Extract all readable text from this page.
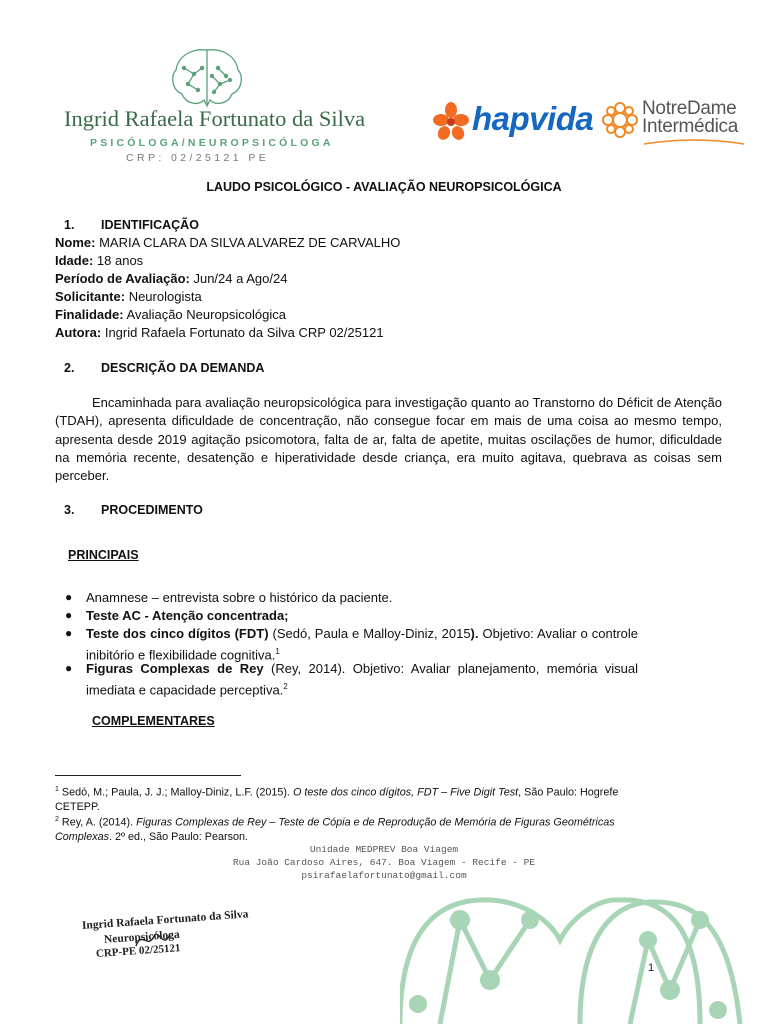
Ingrid Rafaela Fortunato da Silva
PSICÓLOGA/NEUROPSICÓLOGA
CRP: 02/25121 PE
hapvida	NotreDame
Intermédica
LAUDO PSICOLÓGICO - AVALIAÇÃO NEUROPSICOLÓGICA
1. IDENTIFICAÇÃO
Nome: MARIA CLARA DA SILVA ALVAREZ DE CARVALHO
Idade: 18 anos
Período de Avaliação: Jun/24 a Ago/24
Solicitante: Neurologista
Finalidade: Avaliação Neuropsicológica
Autora: Ingrid Rafaela Fortunato da Silva CRP 02/25121
2. DESCRIÇÃO DA DEMANDA
Encaminhada para avaliação neuropsicológica para investigação quanto ao Transtorno do Déficit de Atenção (TDAH), apresenta dificuldade de concentração, não consegue focar em mais de uma coisa ao mesmo tempo, apresenta desde 2019 agitação psicomotora, falta de ar, falta de apetite, muitas oscilações de humor, dificuldade na memória recente, desatenção e hiperatividade desde criança, era muito agitava, quebrava as coisas sem perceber.
3. PROCEDIMENTO
PRINCIPAIS
● Anamnese – entrevista sobre o histórico da paciente.
● Teste AC - Atenção concentrada;
● Teste dos cinco dígitos (FDT) (Sedó, Paula e Malloy-Diniz, 2015). Objetivo: Avaliar o controle inibitório e flexibilidade cognitiva.$^1$
● Figuras Complexas de Rey (Rey, 2014). Objetivo: Avaliar planejamento, memória visual imediata e capacidade perceptiva.$^2$
COMPLEMENTARES
$^1$ Sedó, M.; Paula, J. J.; Malloy-Diniz, L.F. (2015). O teste dos cinco dígitos, FDT – Five Digit Test, São Paulo: Hogrefe CETEPP.
$^2$ Rey, A. (2014). Figuras Complexas de Rey – Teste de Cópia e de Reprodução de Memória de Figuras Geométricas Complexas. 2º ed., São Paulo: Pearson.
Unidade MEDPREV Boa Viagem
Rua João Cardoso Aires, 647. Boa Viagem - Recife - PE
psirafaelafortunato@gmail.com
Ingrid Rafaela Fortunato da Silva
Neuropsicóloga
CRP-PE 02/25121
1
